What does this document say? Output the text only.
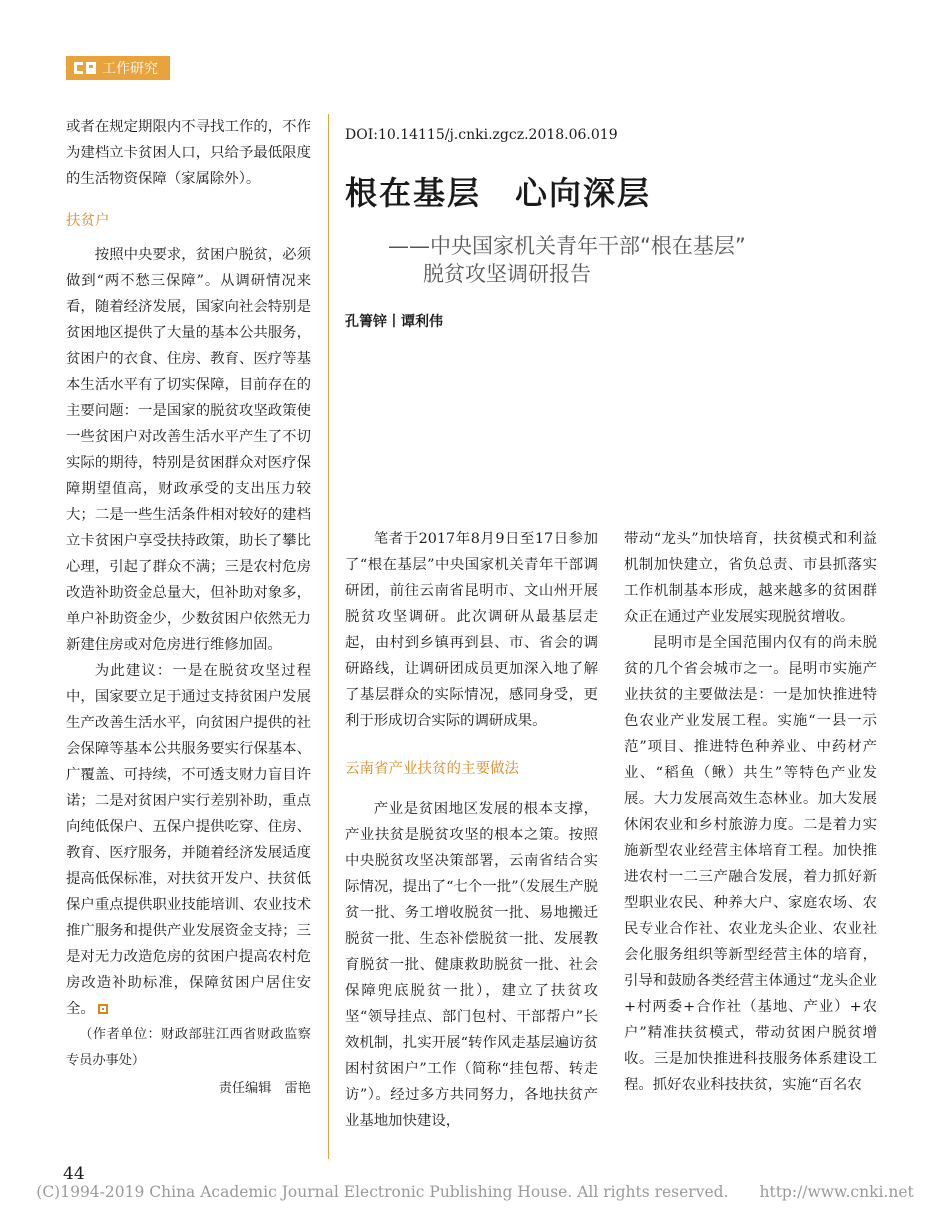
工作研究

或者在规定期限内不寻找工作的，不作为建档立卡贫困人口，只给予最低限度的生活物资保障（家属除外）。

扶贫户

按照中央要求，贫困户脱贫，必须做到“两不愁三保障”。从调研情况来看，随着经济发展，国家向社会特别是贫困地区提供了大量的基本公共服务，贫困户的衣食、住房、教育、医疗等基本生活水平有了切实保障，目前存在的主要问题：一是国家的脱贫攻坚政策使一些贫困户对改善生活水平产生了不切实际的期待，特别是贫困群众对医疗保障期望值高，财政承受的支出压力较大；二是一些生活条件相对较好的建档立卡贫困户享受扶持政策，助长了攀比心理，引起了群众不满；三是农村危房改造补助资金总量大，但补助对象多，单户补助资金少，少数贫困户依然无力新建住房或对危房进行维修加固。

为此建议：一是在脱贫攻坚过程中，国家要立足于通过支持贫困户发展生产改善生活水平，向贫困户提供的社会保障等基本公共服务要实行保基本、广覆盖、可持续，不可透支财力盲目许诺；二是对贫困户实行差别补助，重点向纯低保户、五保户提供吃穿、住房、教育、医疗服务，并随着经济发展适度提高低保标准，对扶贫开发户、扶贫低保户重点提供职业技能培训、农业技术推广服务和提供产业发展资金支持；三是对无力改造危房的贫困户提高农村危房改造补助标准，保障贫困户居住安全。

（作者单位：财政部驻江西省财政监察专员办事处）
责任编辑　雷艳
DOI:10.14115/j.cnki.zgcz.2018.06.019
根在基层　心向深层
——中央国家机关青年干部“根在基层”
脱贫攻坚调研报告
孔箐锌丨谭利伟

笔者于2017年8月9日至17日参加了“根在基层”中央国家机关青年干部调研团，前往云南省昆明市、文山州开展脱贫攻坚调研。此次调研从最基层走起，由村到乡镇再到县、市、省会的调研路线，让调研团成员更加深入地了解了基层群众的实际情况，感同身受，更利于形成切合实际的调研成果。

云南省产业扶贫的主要做法

产业是贫困地区发展的根本支撑，产业扶贫是脱贫攻坚的根本之策。按照中央脱贫攻坚决策部署，云南省结合实际情况，提出了“七个一批”（发展生产脱贫一批、务工增收脱贫一批、易地搬迁脱贫一批、生态补偿脱贫一批、发展教育脱贫一批、健康救助脱贫一批、社会保障兜底脱贫一批），建立了扶贫攻坚“领导挂点、部门包村、干部帮户”长效机制，扎实开展“转作风走基层遍访贫困村贫困户”工作（简称“挂包帮、转走访”）。经过多方共同努力，各地扶贫产业基地加快建设，

带动“龙头”加快培育，扶贫模式和利益机制加快建立，省负总责、市县抓落实工作机制基本形成，越来越多的贫困群众正在通过产业发展实现脱贫增收。

昆明市是全国范围内仅有的尚未脱贫的几个省会城市之一。昆明市实施产业扶贫的主要做法是：一是加快推进特色农业产业发展工程。实施“一县一示范”项目、推进特色种养业、中药材产业、“稻鱼（鳅）共生”等特色产业发展。大力发展高效生态林业。加大发展休闲农业和乡村旅游力度。二是着力实施新型农业经营主体培育工程。加快推进农村一二三产融合发展，着力抓好新型职业农民、种养大户、家庭农场、农民专业合作社、农业龙头企业、农业社会化服务组织等新型经营主体的培育，引导和鼓励各类经营主体通过“龙头企业+村两委+合作社（基地、产业）+农户”精准扶贫模式，带动贫困户脱贫增收。三是加快推进科技服务体系建设工程。抓好农业科技扶贫，实施“百名农

44
(C)1994-2019 China Academic Journal Electronic Publishing House. All rights reserved.　　http://www.cnki.net
